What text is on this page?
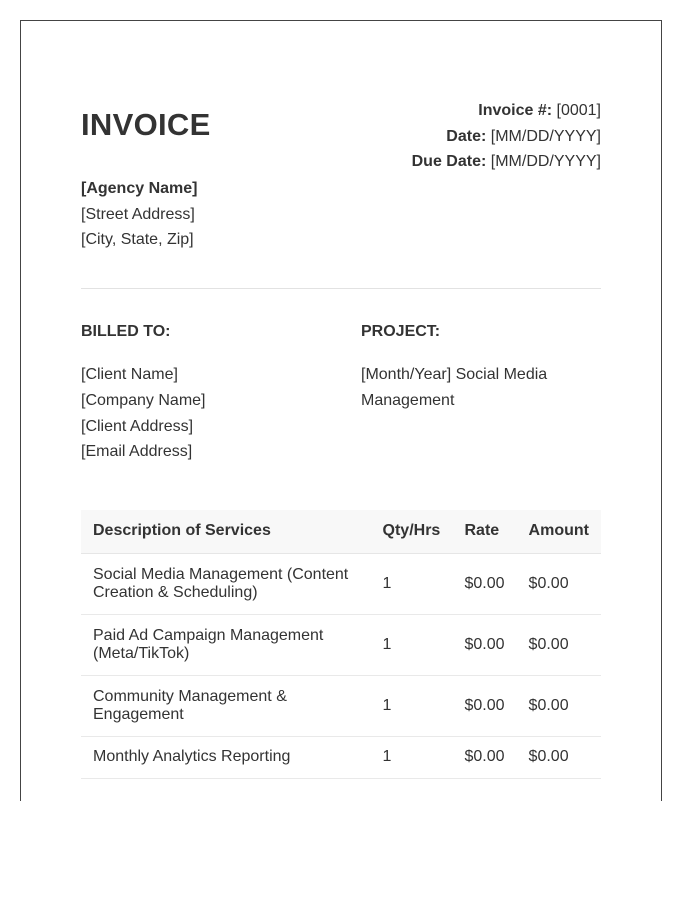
INVOICE	Invoice #: [0001]
Date: [MM/DD/YYYY]
Due Date: [MM/DD/YYYY]
[Agency Name]
[Street Address]
[City, State, Zip]
BILLED TO:
[Client Name]
[Company Name]
[Client Address]
[Email Address]
PROJECT:
[Month/Year] Social Media
Management
Description of Services	Qty/Hrs	Rate	Amount
Social Media Management (Content Creation & Scheduling)	1	$0.00	$0.00
Paid Ad Campaign Management (Meta/TikTok)	1	$0.00	$0.00
Community Management & Engagement	1	$0.00	$0.00
Monthly Analytics Reporting	1	$0.00	$0.00
